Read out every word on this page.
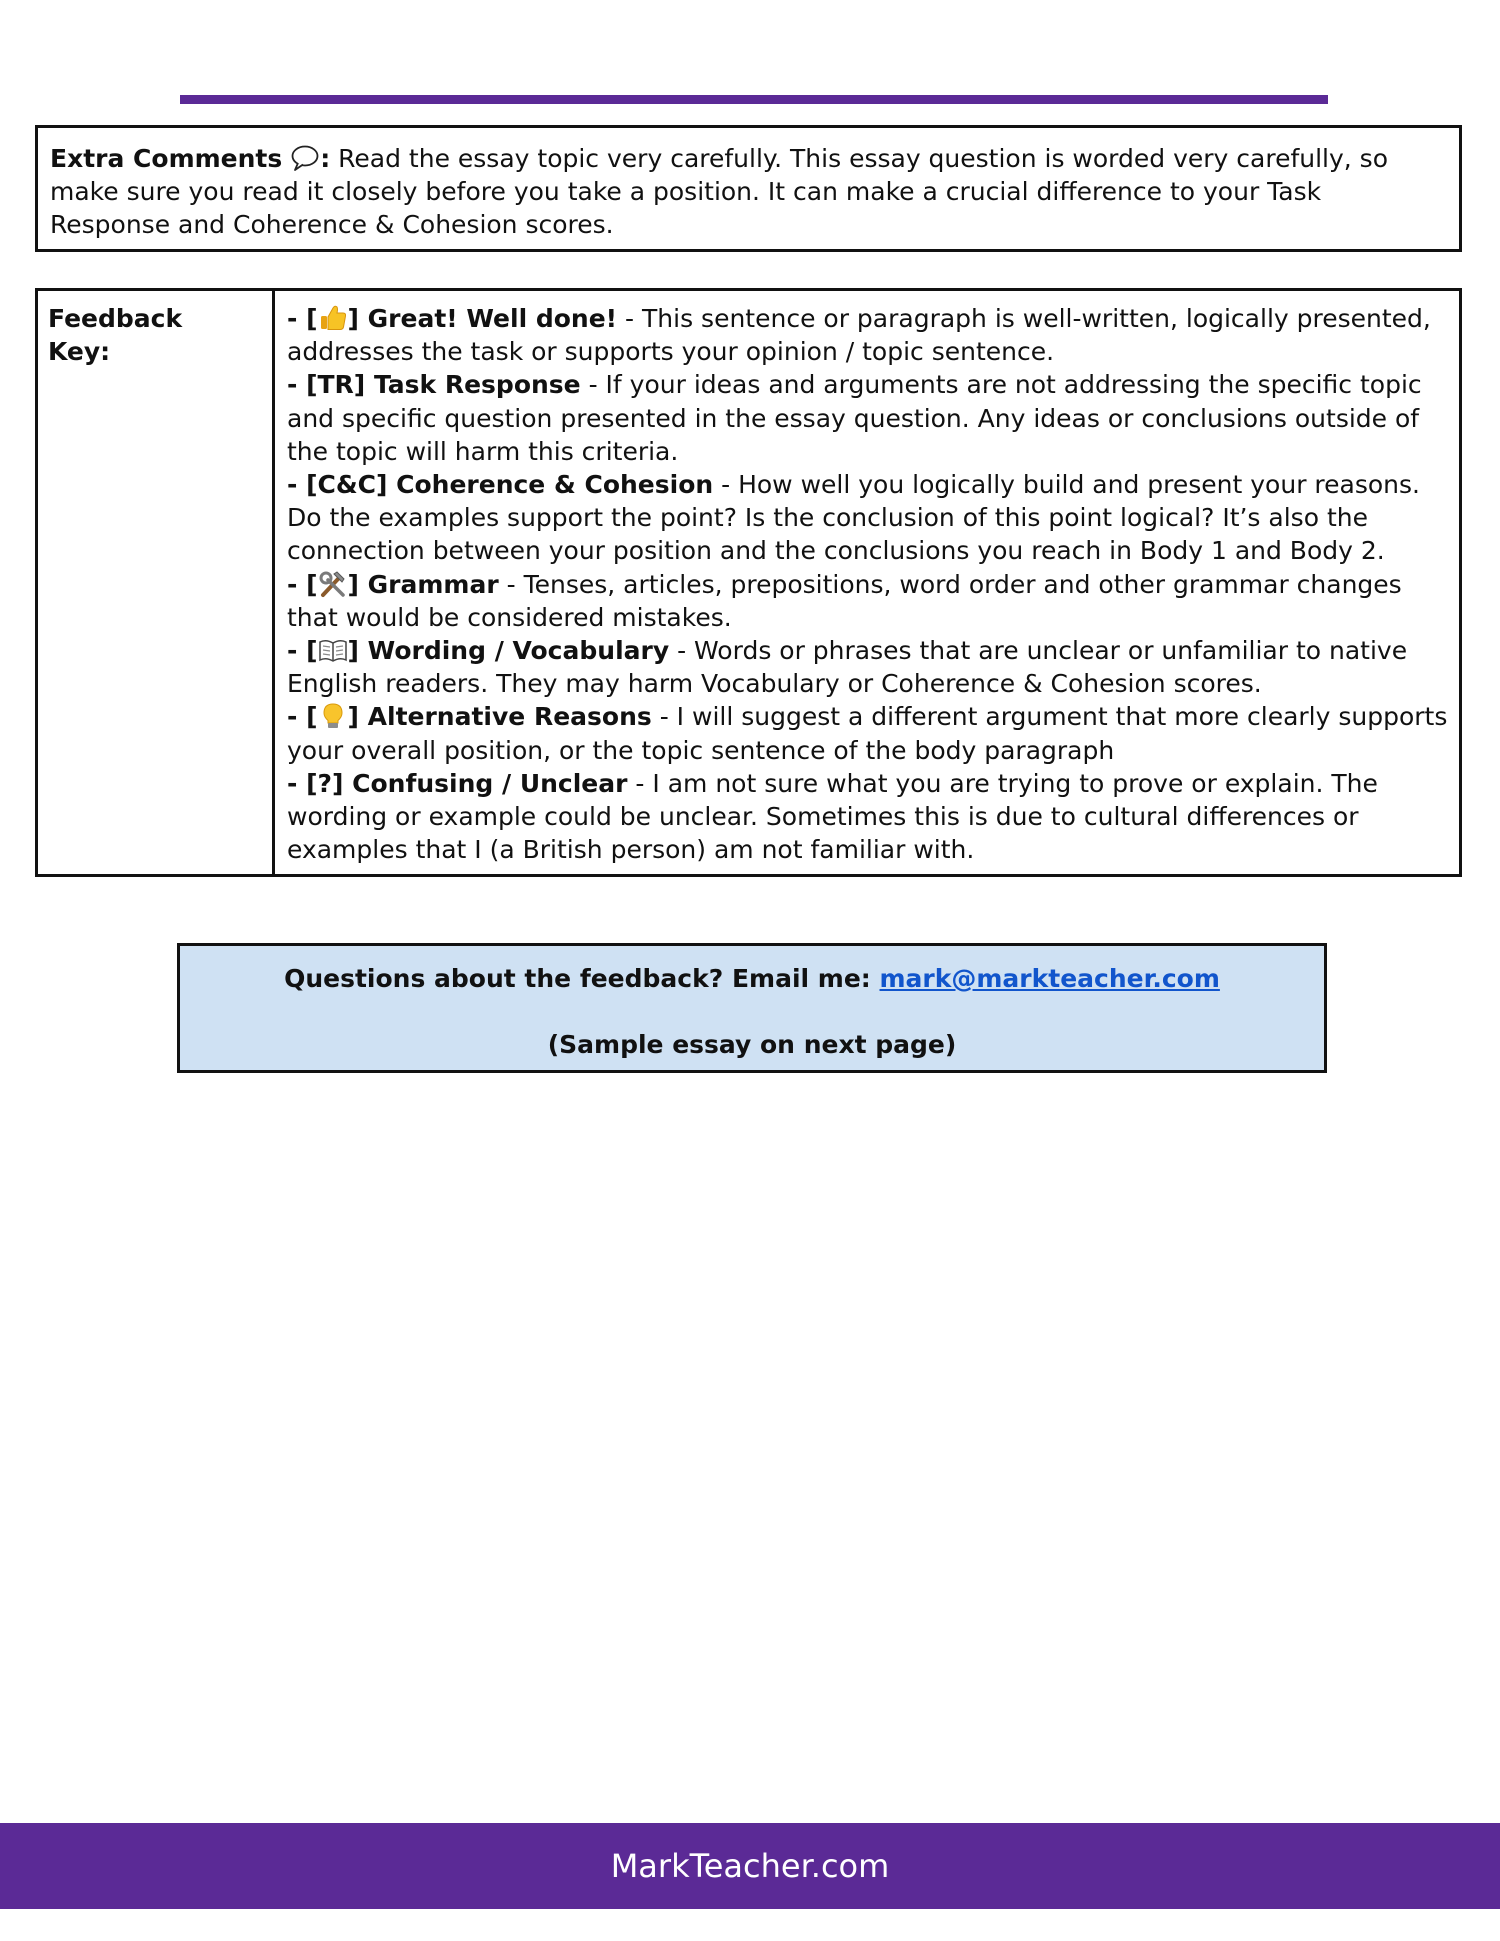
Extra Comments : Read the essay topic very carefully. This essay question is worded very carefully, so make sure you read it closely before you take a position. It can make a crucial difference to your Task Response and Coherence & Cohesion scores.
Feedback
Key:
- [ ] Great! Well done! - This sentence or paragraph is well-written, logically presented, addresses the task or supports your opinion / topic sentence.
- [TR] Task Response - If your ideas and arguments are not addressing the specific topic and specific question presented in the essay question. Any ideas or conclusions outside of the topic will harm this criteria.
- [C&C] Coherence & Cohesion - How well you logically build and present your reasons. Do the examples support the point? Is the conclusion of this point logical? It’s also the connection between your position and the conclusions you reach in Body 1 and Body 2.
- [ ] Grammar - Tenses, articles, prepositions, word order and other grammar changes that would be considered mistakes.
- [ ] Wording / Vocabulary - Words or phrases that are unclear or unfamiliar to native English readers. They may harm Vocabulary or Coherence & Cohesion scores.
- [ ] Alternative Reasons - I will suggest a different argument that more clearly supports your overall position, or the topic sentence of the body paragraph
- [?] Confusing / Unclear - I am not sure what you are trying to prove or explain. The wording or example could be unclear. Sometimes this is due to cultural differences or examples that I (a British person) am not familiar with.
Questions about the feedback? Email me: mark@markteacher.com
(Sample essay on next page)
MarkTeacher.com
